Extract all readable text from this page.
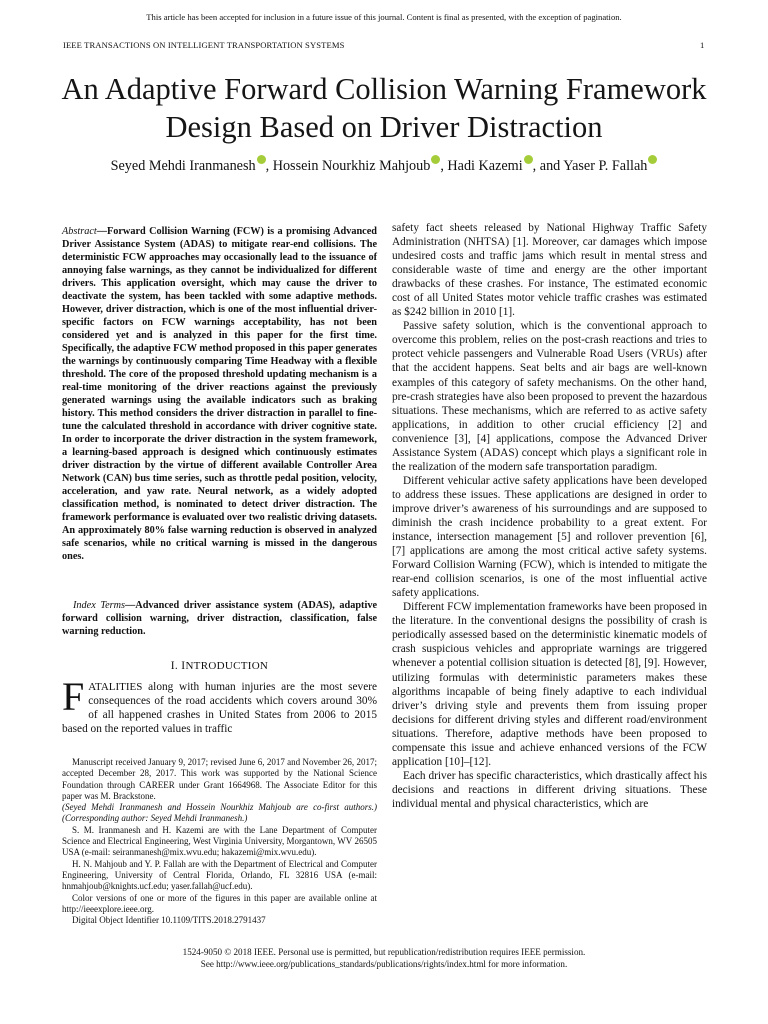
This article has been accepted for inclusion in a future issue of this journal. Content is final as presented, with the exception of pagination.
IEEE TRANSACTIONS ON INTELLIGENT TRANSPORTATION SYSTEMS	1
An Adaptive Forward Collision Warning Framework
Design Based on Driver Distraction
Seyed Mehdi Iranmanesh , Hossein Nourkhiz Mahjoub , Hadi Kazemi , and Yaser P. Fallah
Abstract—Forward Collision Warning (FCW) is a promising Advanced Driver Assistance System (ADAS) to mitigate rear-end collisions. The deterministic FCW approaches may occasionally lead to the issuance of annoying false warnings, as they cannot be individualized for different drivers. This application oversight, which may cause the driver to deactivate the system, has been tackled with some adaptive methods. However, driver distraction, which is one of the most influential driver-specific factors on FCW warnings acceptability, has not been considered yet and is analyzed in this paper for the first time. Specifically, the adaptive FCW method proposed in this paper generates the warnings by continuously comparing Time Headway with a flexible threshold. The core of the proposed threshold updating mechanism is a real-time monitoring of the driver reactions against the previously generated warnings using the available indicators such as braking history. This method considers the driver distraction in parallel to fine-tune the calculated threshold in accordance with driver cognitive state. In order to incorporate the driver distraction in the system framework, a learning-based approach is designed which continuously estimates driver distraction by the virtue of different available Controller Area Network (CAN) bus time series, such as throttle pedal position, velocity, acceleration, and yaw rate. Neural network, as a widely adopted classification method, is nominated to detect driver distraction. The framework performance is evaluated over two realistic driving datasets. An approximately 80% false warning reduction is observed in analyzed safe scenarios, while no critical warning is missed in the dangerous ones.
Index Terms—Advanced driver assistance system (ADAS), adaptive forward collision warning, driver distraction, classification, false warning reduction.
I. INTRODUCTION
FATALITIES along with human injuries are the most severe consequences of the road accidents which covers around 30% of all happened crashes in United States from 2006 to 2015 based on the reported values in traffic

Manuscript received January 9, 2017; revised June 6, 2017 and November 26, 2017; accepted December 28, 2017. This work was supported by the National Science Foundation through CAREER under Grant 1664968. The Associate Editor for this paper was M. Brackstone.

(Seyed Mehdi Iranmanesh and Hossein Nourkhiz Mahjoub are co-first authors.) (Corresponding author: Seyed Mehdi Iranmanesh.)

S. M. Iranmanesh and H. Kazemi are with the Lane Department of Computer Science and Electrical Engineering, West Virginia University, Morgantown, WV 26505 USA (e-mail: seiranmanesh@mix.wvu.edu; hakazemi@mix.wvu.edu).

H. N. Mahjoub and Y. P. Fallah are with the Department of Electrical and Computer Engineering, University of Central Florida, Orlando, FL 32816 USA (e-mail: hnmahjoub@knights.ucf.edu; yaser.fallah@ucf.edu).

Color versions of one or more of the figures in this paper are available online at http://ieeexplore.ieee.org.

Digital Object Identifier 10.1109/TITS.2018.2791437

safety fact sheets released by National Highway Traffic Safety Administration (NHTSA) [1]. Moreover, car damages which impose undesired costs and traffic jams which result in mental stress and considerable waste of time and energy are the other important drawbacks of these crashes. For instance, The estimated economic cost of all United States motor vehicle traffic crashes was estimated as $242 billion in 2010 [1].

Passive safety solution, which is the conventional approach to overcome this problem, relies on the post-crash reactions and tries to protect vehicle passengers and Vulnerable Road Users (VRUs) after that the accident happens. Seat belts and air bags are well-known examples of this category of safety mechanisms. On the other hand, pre-crash strategies have also been proposed to prevent the hazardous situations. These mechanisms, which are referred to as active safety applications, in addition to other crucial efficiency [2] and convenience [3], [4] applications, compose the Advanced Driver Assistance System (ADAS) concept which plays a significant role in the realization of the modern safe transportation paradigm.

Different vehicular active safety applications have been developed to address these issues. These applications are designed in order to improve driver’s awareness of his surroundings and are supposed to diminish the crash incidence probability to a great extent. For instance, intersection management [5] and rollover prevention [6], [7] applications are among the most critical active safety systems. Forward Collision Warning (FCW), which is intended to mitigate the rear-end collision scenarios, is one of the most influential active safety applications.

Different FCW implementation frameworks have been proposed in the literature. In the conventional designs the possibility of crash is periodically assessed based on the deterministic kinematic models of crash suspicious vehicles and appropriate warnings are triggered whenever a potential collision situation is detected [8], [9]. However, utilizing formulas with deterministic parameters makes these algorithms incapable of being finely adaptive to each individual driver’s driving style and prevents them from issuing proper decisions for different driving styles and different road/environment situations. Therefore, adaptive methods have been proposed to compensate this issue and achieve enhanced versions of the FCW application [10]–[12].

Each driver has specific characteristics, which drastically affect his decisions and reactions in different driving situations. These individual mental and physical characteristics, which are

1524-9050 © 2018 IEEE. Personal use is permitted, but republication/redistribution requires IEEE permission.
See http://www.ieee.org/publications_standards/publications/rights/index.html for more information.
